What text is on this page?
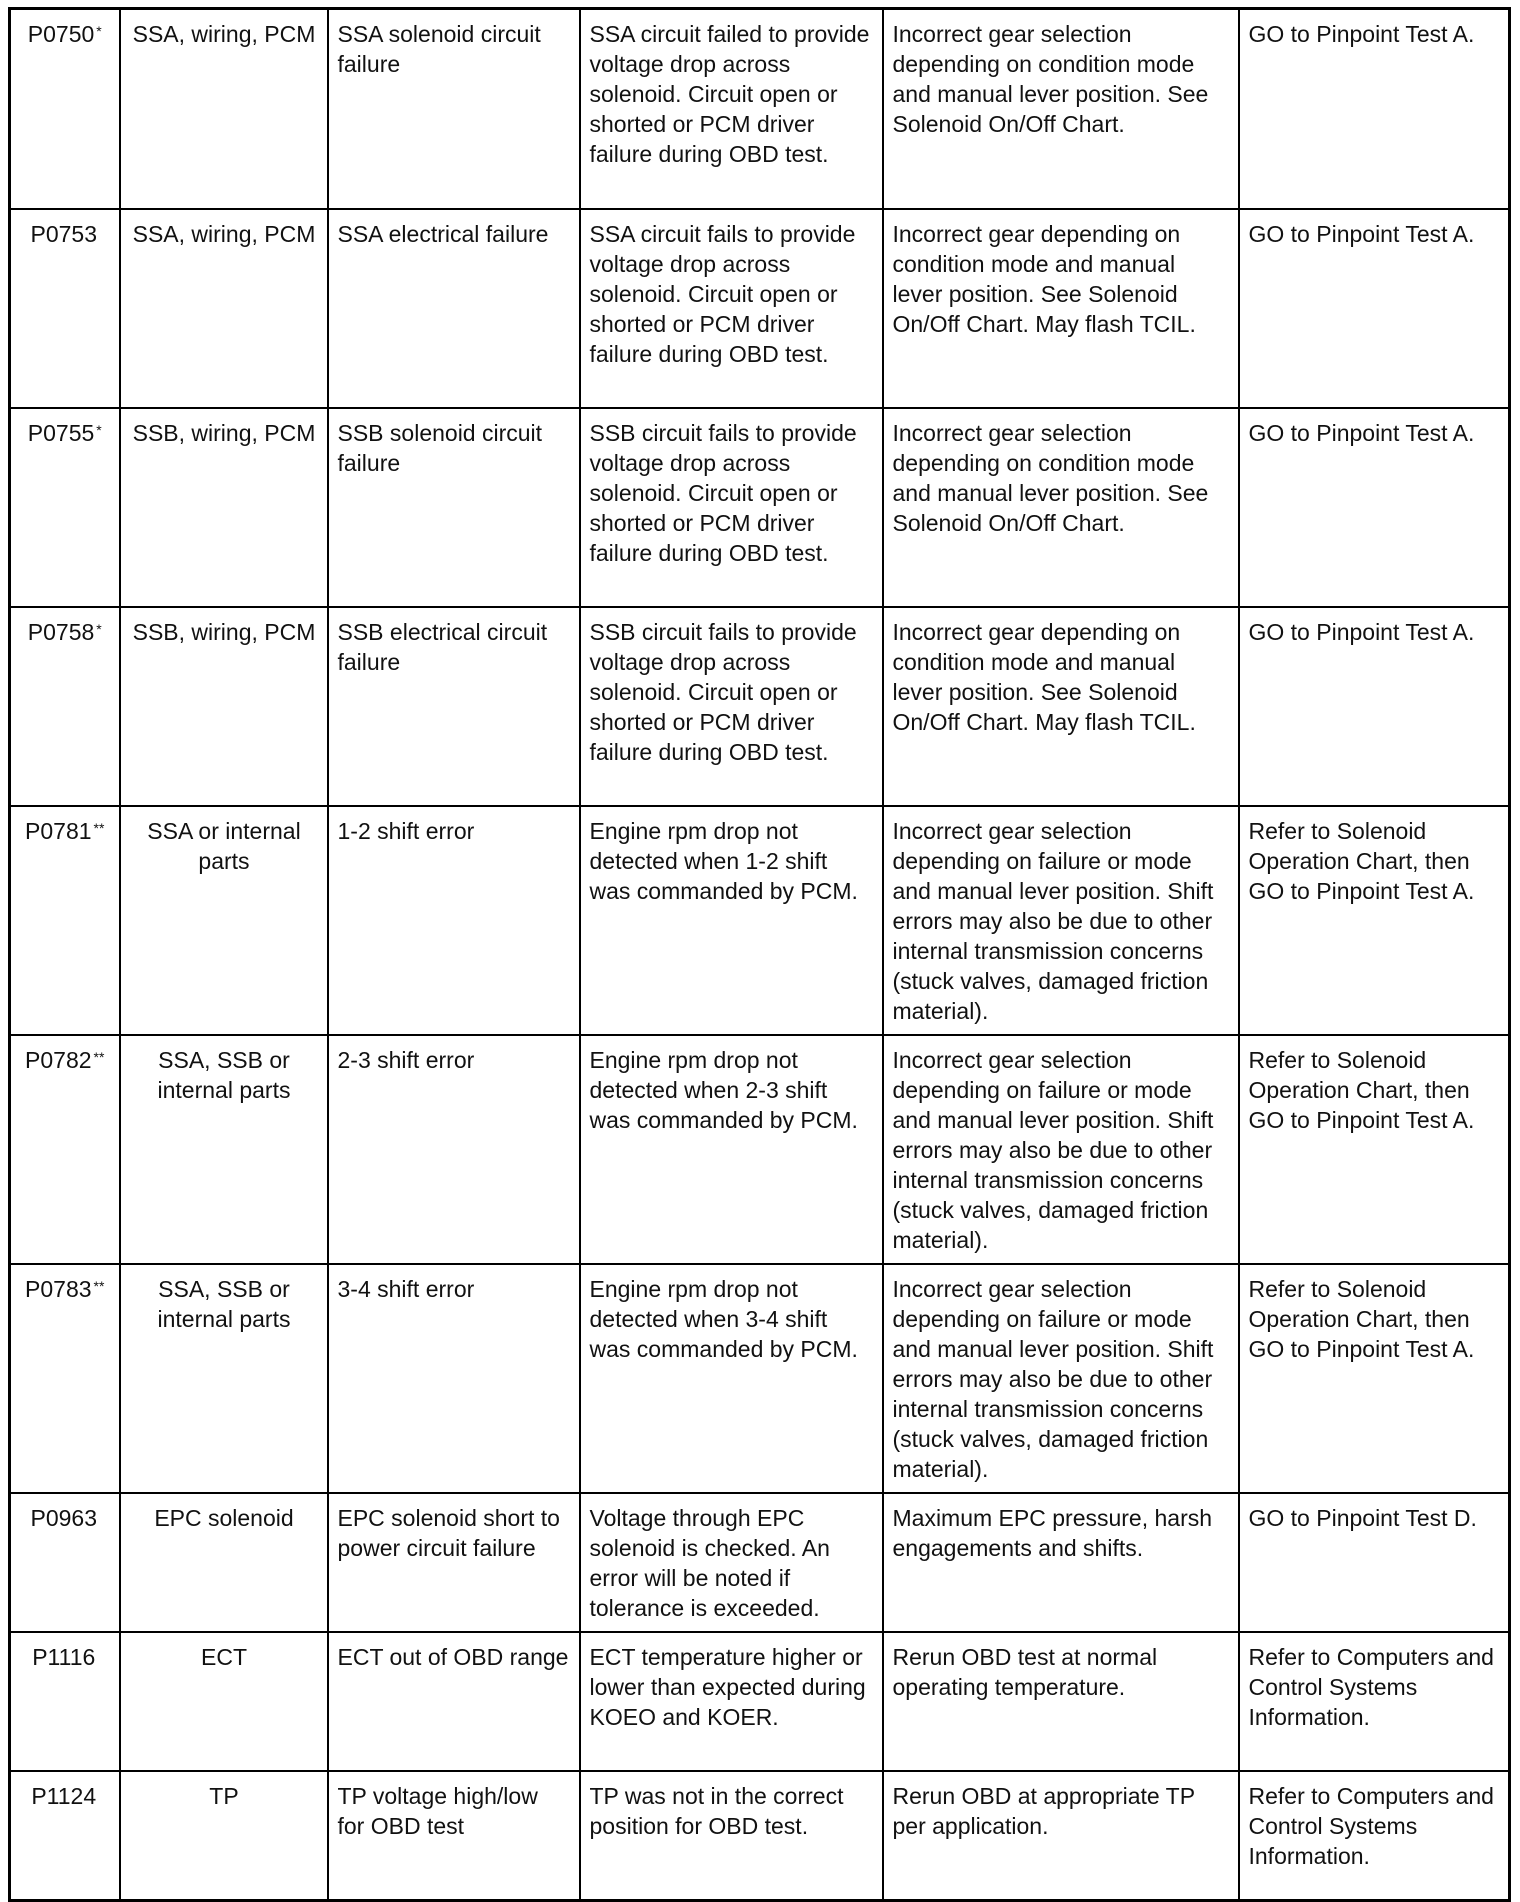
P0750 *	SSA, wiring, PCM	SSA solenoid circuit failure	SSA circuit failed to provide voltage drop across solenoid. Circuit open or shorted or PCM driver failure during OBD test.	Incorrect gear selection depending on condition mode and manual lever position. See Solenoid On/Off Chart.	GO to Pinpoint Test A.
P0753	SSA, wiring, PCM	SSA electrical failure	SSA circuit fails to provide voltage drop across solenoid. Circuit open or shorted or PCM driver failure during OBD test.	Incorrect gear depending on condition mode and manual lever position. See Solenoid On/Off Chart. May flash TCIL.	GO to Pinpoint Test A.
P0755 *	SSB, wiring, PCM	SSB solenoid circuit failure	SSB circuit fails to provide voltage drop across solenoid. Circuit open or shorted or PCM driver failure during OBD test.	Incorrect gear selection depending on condition mode and manual lever position. See Solenoid On/Off Chart.	GO to Pinpoint Test A.
P0758 *	SSB, wiring, PCM	SSB electrical circuit failure	SSB circuit fails to provide voltage drop across solenoid. Circuit open or shorted or PCM driver failure during OBD test.	Incorrect gear depending on condition mode and manual lever position. See Solenoid On/Off Chart. May flash TCIL.	GO to Pinpoint Test A.
P0781 **	SSA or internal parts	1-2 shift error	Engine rpm drop not detected when 1-2 shift was commanded by PCM.	Incorrect gear selection depending on failure or mode and manual lever position. Shift errors may also be due to other internal transmission concerns (stuck valves, damaged friction material).	Refer to Solenoid Operation Chart, then GO to Pinpoint Test A.
P0782 **	SSA, SSB or internal parts	2-3 shift error	Engine rpm drop not detected when 2-3 shift was commanded by PCM.	Incorrect gear selection depending on failure or mode and manual lever position. Shift errors may also be due to other internal transmission concerns (stuck valves, damaged friction material).	Refer to Solenoid Operation Chart, then GO to Pinpoint Test A.
P0783 **	SSA, SSB or internal parts	3-4 shift error	Engine rpm drop not detected when 3-4 shift was commanded by PCM.	Incorrect gear selection depending on failure or mode and manual lever position. Shift errors may also be due to other internal transmission concerns (stuck valves, damaged friction material).	Refer to Solenoid Operation Chart, then GO to Pinpoint Test A.
P0963	EPC solenoid	EPC solenoid short to power circuit failure	Voltage through EPC solenoid is checked. An error will be noted if tolerance is exceeded.	Maximum EPC pressure, harsh engagements and shifts.	GO to Pinpoint Test D.
P1116	ECT	ECT out of OBD range	ECT temperature higher or lower than expected during KOEO and KOER.	Rerun OBD test at normal operating temperature.	Refer to Computers and Control Systems Information.
P1124	TP	TP voltage high/low for OBD test	TP was not in the correct position for OBD test.	Rerun OBD at appropriate TP per application.	Refer to Computers and Control Systems Information.
